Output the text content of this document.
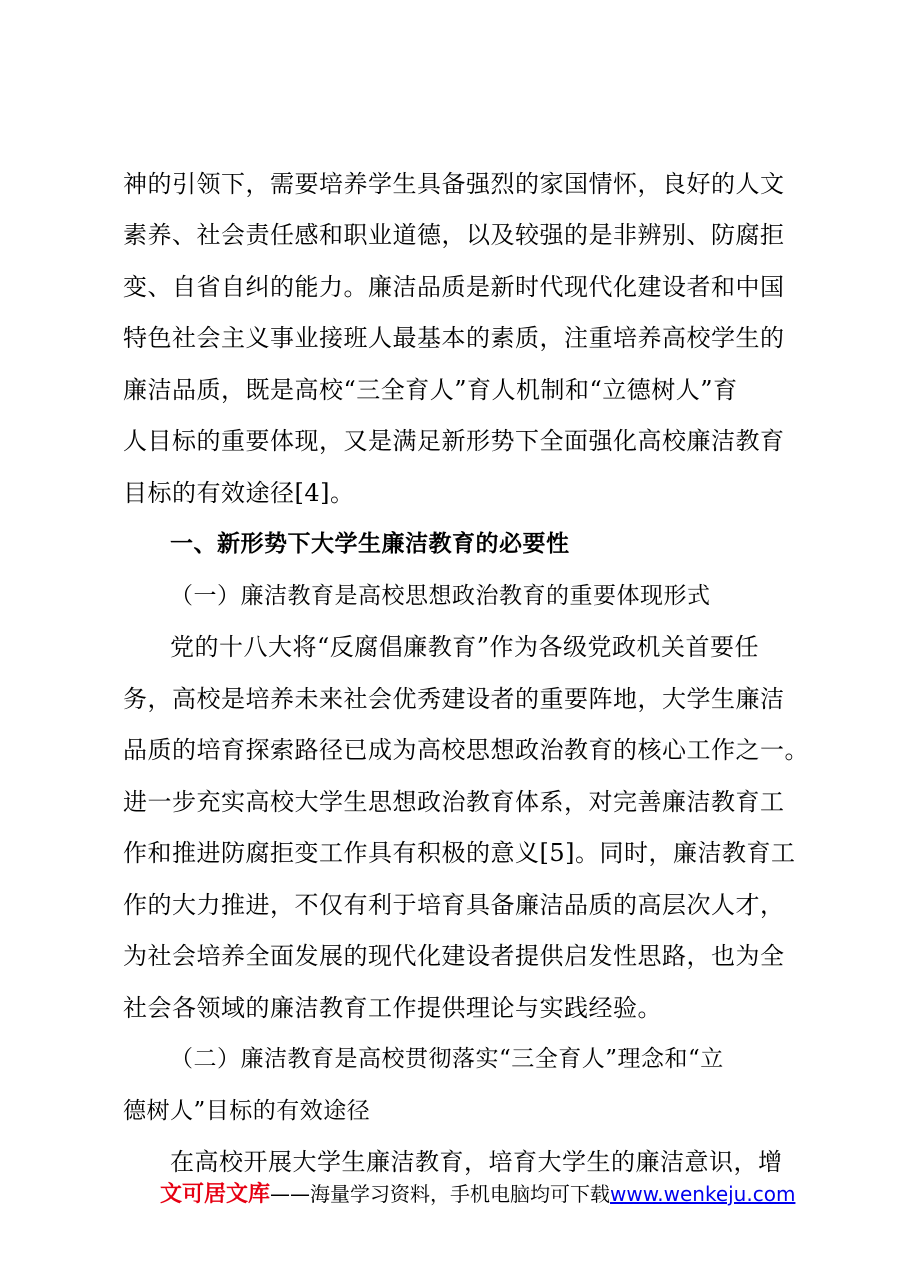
神的引领下，需要培养学生具备强烈的家国情怀，良好的人文
素养、社会责任感和职业道德，以及较强的是非辨别、防腐拒
变、自省自纠的能力。廉洁品质是新时代现代化建设者和中国
特色社会主义事业接班人最基本的素质，注重培养高校学生的
廉洁品质，既是高校“三全育人”育人机制和“立德树人”育
人目标的重要体现，又是满足新形势下全面强化高校廉洁教育
目标的有效途径[4]。
一、新形势下大学生廉洁教育的必要性
（一）廉洁教育是高校思想政治教育的重要体现形式
党的十八大将“反腐倡廉教育”作为各级党政机关首要任
务，高校是培养未来社会优秀建设者的重要阵地，大学生廉洁
品质的培育探索路径已成为高校思想政治教育的核心工作之一。
进一步充实高校大学生思想政治教育体系，对完善廉洁教育工
作和推进防腐拒变工作具有积极的意义[5]。同时，廉洁教育工
作的大力推进，不仅有利于培育具备廉洁品质的高层次人才，
为社会培养全面发展的现代化建设者提供启发性思路，也为全
社会各领域的廉洁教育工作提供理论与实践经验。
（二）廉洁教育是高校贯彻落实“三全育人”理念和“立
德树人”目标的有效途径
在高校开展大学生廉洁教育，培育大学生的廉洁意识，增
文可居文库——海量学习资料，手机电脑均可下载www.wenkeju.com
